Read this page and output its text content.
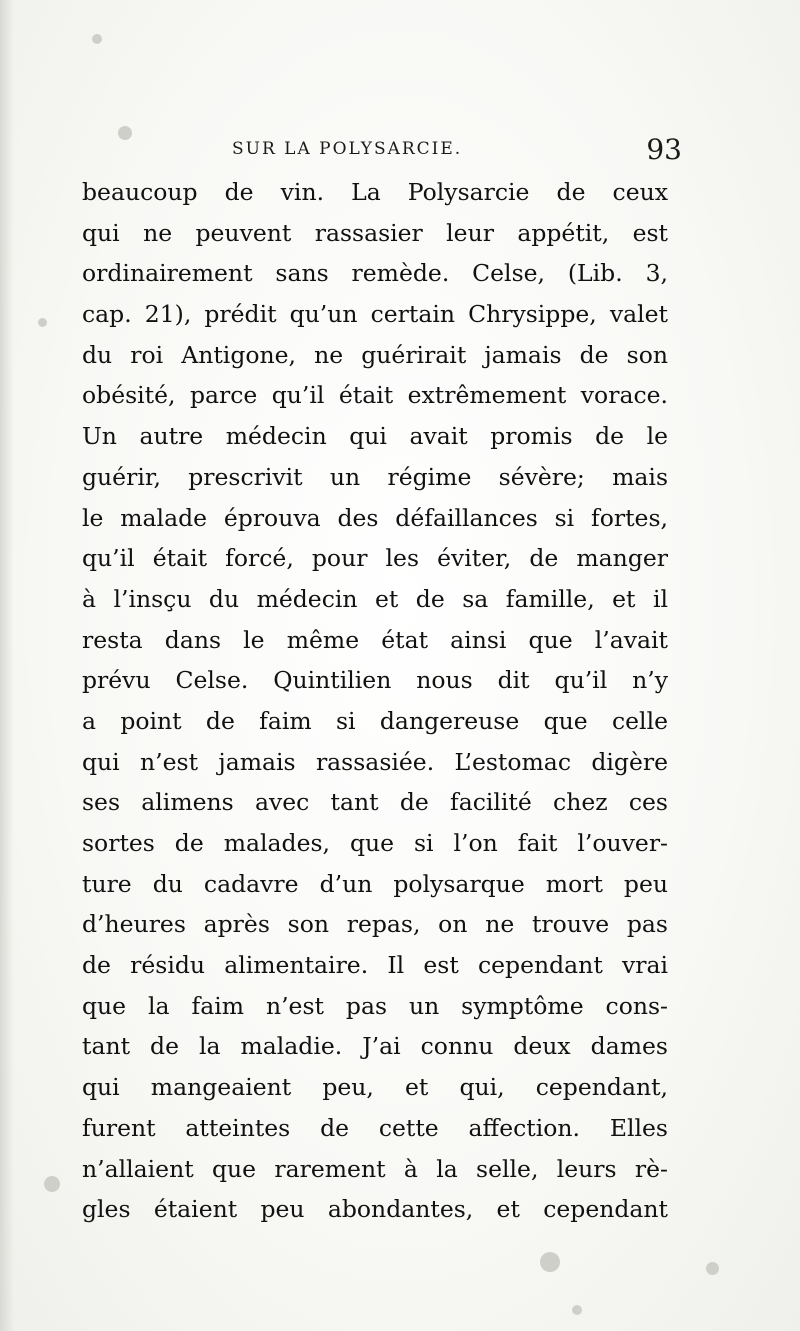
SUR LA POLYSARCIE.	93
beaucoup de vin. La Polysarcie de ceux
qui ne peuvent rassasier leur appétit, est
ordinairement sans remède. Celse, (Lib. 3,
cap. 21), prédit qu’un certain Chrysippe, valet
du roi Antigone, ne guérirait jamais de son
obésité, parce qu’il était extrêmement vorace.
Un autre médecin qui avait promis de le
guérir, prescrivit un régime sévère; mais
le malade éprouva des défaillances si fortes,
qu’il était forcé, pour les éviter, de manger
à l’insçu du médecin et de sa famille, et il
resta dans le même état ainsi que l’avait
prévu Celse. Quintilien nous dit qu’il n’y
a point de faim si dangereuse que celle
qui n’est jamais rassasiée. L’estomac digère
ses alimens avec tant de facilité chez ces
sortes de malades, que si l’on fait l’ouver-
ture du cadavre d’un polysarque mort peu
d’heures après son repas, on ne trouve pas
de résidu alimentaire. Il est cependant vrai
que la faim n’est pas un symptôme cons-
tant de la maladie. J’ai connu deux dames
qui mangeaient peu, et qui, cependant,
furent atteintes de cette affection. Elles
n’allaient que rarement à la selle, leurs rè-
gles étaient peu abondantes, et cependant
